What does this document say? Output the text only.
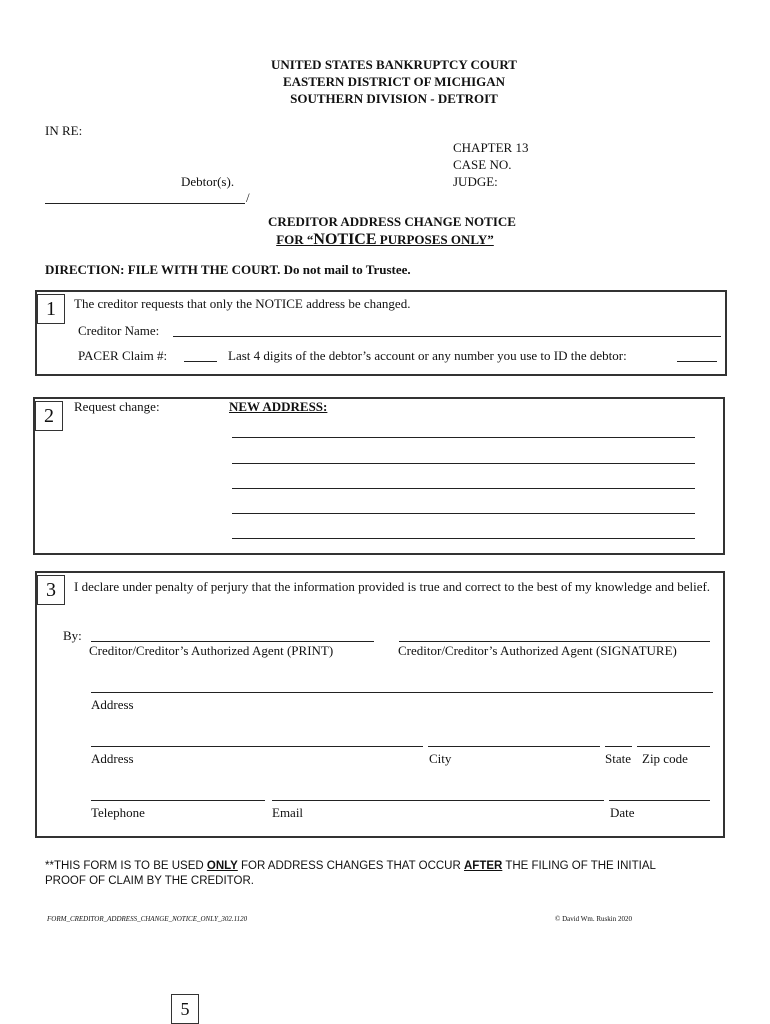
UNITED STATES BANKRUPTCY COURT
EASTERN DISTRICT OF MICHIGAN
SOUTHERN DIVISION - DETROIT
IN RE:
CHAPTER 13
CASE NO.
JUDGE:
Debtor(s).
/
CREDITOR ADDRESS CHANGE NOTICE
FOR “NOTICE PURPOSES ONLY”
DIRECTION: FILE WITH THE COURT. Do not mail to Trustee.
1	The creditor requests that only the NOTICE address be changed.
Creditor Name:
PACER Claim #:	Last 4 digits of the debtor’s account or any number you use to ID the debtor:
2	Request change:	NEW ADDRESS:
3	I declare under penalty of perjury that the information provided is true and correct to the best of my knowledge and belief.
By:
Creditor/Creditor’s Authorized Agent (PRINT)	Creditor/Creditor’s Authorized Agent (SIGNATURE)
Address
Address	City	State Zip code
Telephone	Email	Date
**THIS FORM IS TO BE USED ONLY FOR ADDRESS CHANGES THAT OCCUR AFTER THE FILING OF THE INITIAL
PROOF OF CLAIM BY THE CREDITOR.
FORM_CREDITOR_ADDRESS_CHANGE_NOTICE_ONLY_302.1120	© David Wm. Ruskin 2020
5
